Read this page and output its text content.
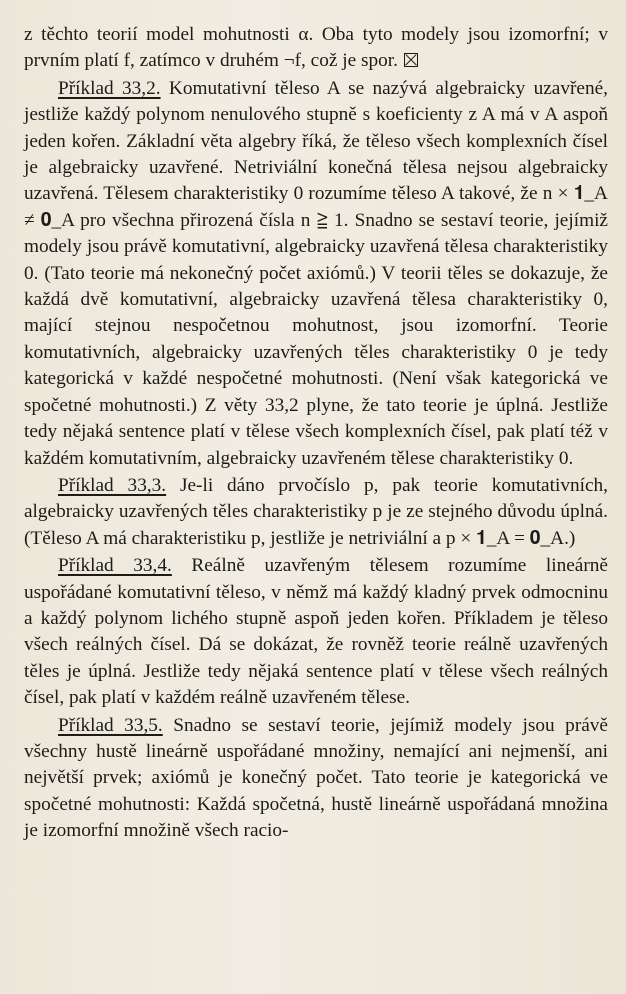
z těchto teorií model mohutnosti α. Oba tyto modely jsou izomorfní; v prvním platí f, zatímco v druhém ¬f, což je spor.

Příklad 33,2. Komutativní těleso A se nazývá algebraicky uzavřené, jestliže každý polynom nenulového stupně s koeficienty z A má v A aspoň jeden kořen. Základní věta algebry říká, že těleso všech komplexních čísel je algebraicky uzavřené. Netriviální konečná tělesa nejsou algebraicky uzavřená. Tělesem charakteristiky 0 rozumíme těleso A takové, že n × 𝟏_A ≠ 𝟎_A pro všechna přirozená čísla n ≧ 1. Snadno se sestaví teorie, jejímiž modely jsou právě komutativní, algebraicky uzavřená tělesa charakteristiky 0. (Tato teorie má nekonečný počet axiómů.) V teorii těles se dokazuje, že každá dvě komutativní, algebraicky uzavřená tělesa charakteristiky 0, mající stejnou nespočetnou mohutnost, jsou izomorfní. Teorie komutativních, algebraicky uzavřených těles charakteristiky 0 je tedy kategorická v každé nespočetné mohutnosti. (Není však kategorická ve spočetné mohutnosti.) Z věty 33,2 plyne, že tato teorie je úplná. Jestliže tedy nějaká sentence platí v tělese všech komplexních čísel, pak platí též v každém komutativním, algebraicky uzavřeném tělese charakteristiky 0.

Příklad 33,3. Je-li dáno prvočíslo p, pak teorie komutativních, algebraicky uzavřených těles charakteristiky p je ze stejného důvodu úplná. (Těleso A má charakteristiku p, jestliže je netriviální a p × 𝟏_A = 𝟎_A.)

Příklad 33,4. Reálně uzavřeným tělesem rozumíme lineárně uspořádané komutativní těleso, v němž má každý kladný prvek odmocninu a každý polynom lichého stupně aspoň jeden kořen. Příkladem je těleso všech reálných čísel. Dá se dokázat, že rovněž teorie reálně uzavřených těles je úplná. Jestliže tedy nějaká sentence platí v tělese všech reálných čísel, pak platí v každém reálně uzavřeném tělese.

Příklad 33,5. Snadno se sestaví teorie, jejímiž modely jsou právě všechny hustě lineárně uspořádané množiny, nemající ani nejmenší, ani největší prvek; axiómů je konečný počet. Tato teorie je kategorická ve spočetné mohutnosti: Každá spočetná, hustě lineárně uspořádaná množina je izomorfní množině všech racio-
